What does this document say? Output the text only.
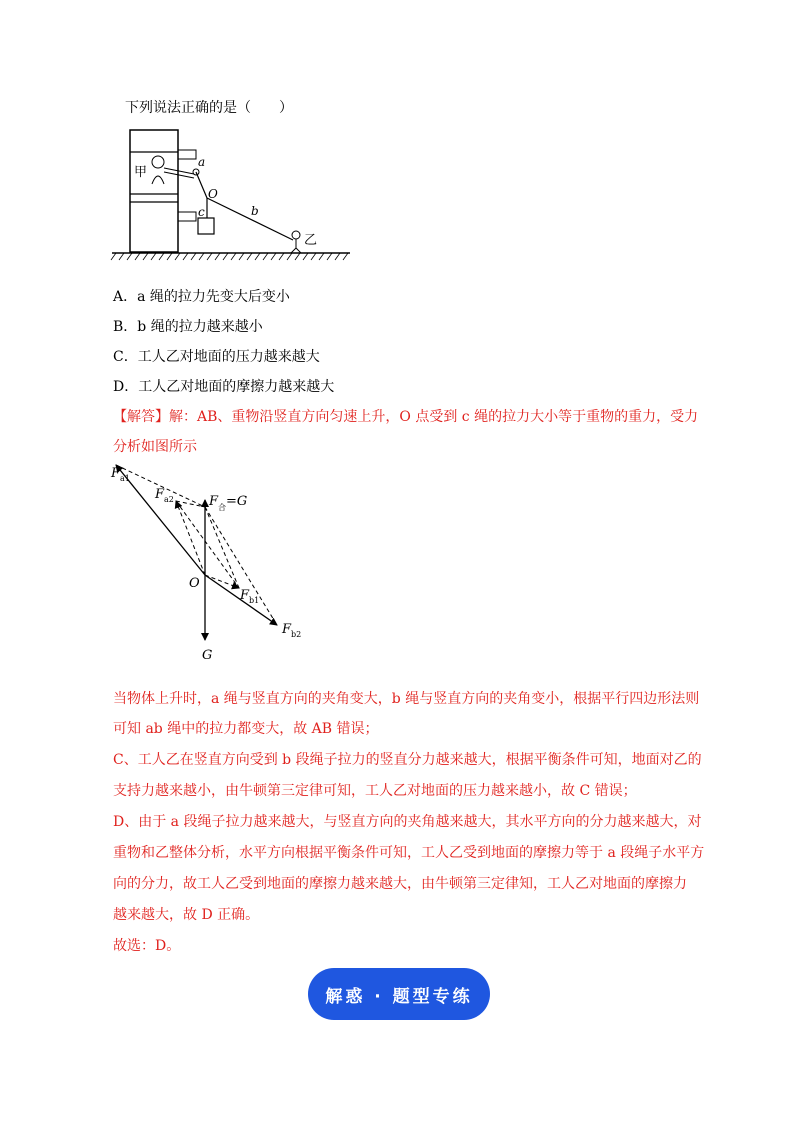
下列说法正确的是（　　）
甲
a
O
c	b
乙
A．a 绳的拉力先变大后变小
B．b 绳的拉力越来越小
C．工人乙对地面的压力越来越大
D．工人乙对地面的摩擦力越来越大
【解答】解：AB、重物沿竖直方向匀速上升，O 点受到 c 绳的拉力大小等于重物的重力，受力
分析如图所示
$F_{a1}$
$F_{a2}$	$F_合=G$
O
$F_{b1}$
$F_{b2}$
G
当物体上升时，a 绳与竖直方向的夹角变大，b 绳与竖直方向的夹角变小，根据平行四边形法则
可知 ab 绳中的拉力都变大，故 AB 错误；
C、工人乙在竖直方向受到 b 段绳子拉力的竖直分力越来越大，根据平衡条件可知，地面对乙的
支持力越来越小，由牛顿第三定律可知，工人乙对地面的压力越来越小，故 C 错误；
D、由于 a 段绳子拉力越来越大，与竖直方向的夹角越来越大，其水平方向的分力越来越大，对
重物和乙整体分析，水平方向根据平衡条件可知，工人乙受到地面的摩擦力等于 a 段绳子水平方
向的分力，故工人乙受到地面的摩擦力越来越大，由牛顿第三定律知，工人乙对地面的摩擦力
越来越大，故 D 正确。
故选：D。
解惑 · 题型专练
